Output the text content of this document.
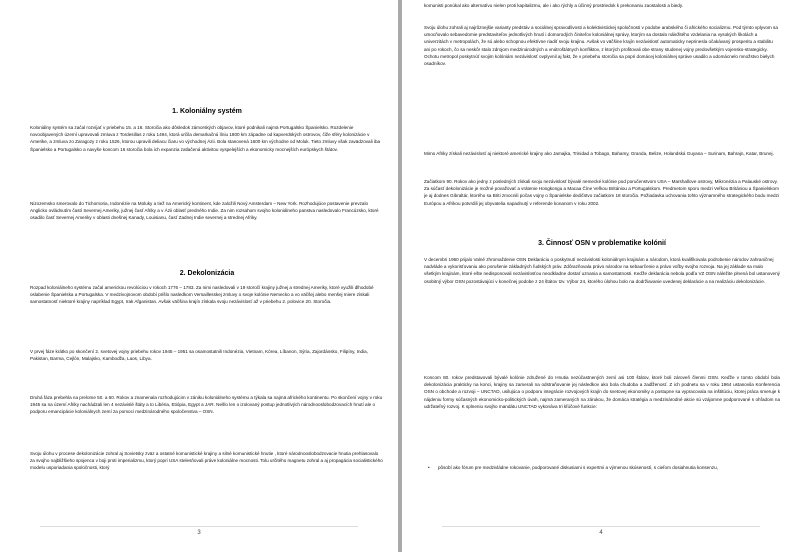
1. Koloniálny systém

Koloniálny systém sa začal rozvíjať v priebehu 15. a 16. Storočia ako dôsledok zámorských objavov, ktoré podnikali najmä Portugalsko Španielsko. Rozdelenie novoobjavených území upravovali zmluva z Tordesillas z roku 1494, ktorá určila demarkačnú líniu 1800 km západne od kapverdských ostrovov, čiže sféry kolonizácie v Amerike, a zmluva zo Zaragozy z roku 1526, ktorou upravili deliacu čiaru vo východnej Ázii. Bola stanovená 1600 km východne od Moluk. Tieto zmluvy však zavädzovali iba Španielsko a Portugalsko a navyše koncom 16 storočia bola ich expanzia zatlačená aktivitou vyspelejších a ekonomicky mocnejších európskych štátov.

Nizozemsko smerovalo do Tichomoria, Indonézie na Moluky a tiež na Americký kontinent, kde založili Nový Amsterdam – New York. Rozhodujúce postavenie prevzalo Anglicko ovládnutím častí Severnej Ameriky, južnej časť Afriky a v Ázii oblasť predného Indie. Za nim rozsahom svojho koloniálneho panstva nasledovalo Francúzsko, ktoré osadilo časť Severnej Ameriky v oblasti dnešnej Kanady, Louisianu, časť Zadnej Indie severnej a strednej Afriky.

2. Dekolonizácia

Rozpad koloniálneho systému začal americkou revolúciou v rokoch 1776 – 1783. Za nimi nasledovali v 19 storočí krajiny južnej a strednej Ameriky, ktoré využili dlhodobé oslabenie Španielska a Portugalska. V medzivojnovom období prišlo nasledkom Versaillesskej zmluvy o svoje kolónie Nemecko a vo väčšej alebo menšej miere získali samostatnosť niektoré krajiny napríklad Egypt, Irak Afganistan. Avšak väčšina krajín získala svoju nezávislosť až v priebehu 2. polovice 20. Storočia.

V prvej fáze krátko po skončení 2. svetovej vojny priebehu rokov 1945 – 1951 sa osamostatnili Indonézia, Vietnam, Kórea, Líbanon, Sýria, Zajordánsko, Filipíny, India, Pakistan, Barma, Cejlón, Malajsko, Kambodža, Laos, Libya.

Druhá fáza prebehla na prelome 50. a 60. Rokov a znamenala rozhodujúcim v zániku koloniálneho systému a týkala sa najmä afrického kontinentu. Po skončení vojny v roku 1945 sa na území Afriky nachádzali len 4 nezávislé štáty a to Libéria, Etiópia, Egypt a JAR. Nešlo len o izolovaný postup jednotlivých národnooslobodzovacích hnutí ale o podporu emancipácie koloniálnych zemí za pomoci medzinárodného spoločenstva – OSN.

Svoju úlohu v procese dekolonizácie zohral aj Sovietsky zväz a ostatné komunistické krajiny a silné komunistické hnutie , ktoré národnooslobodzovacie hnutia prehlasovalo za svojho najbližšieho spojenca v boji proti imperializmu, ktorý popri USA stelesňovali práve koloniálne mocnosti. Tolu určitého magnetu zohral a aj propagácia socialistického modelu usporiadania spoločnosti, ktorý

3

komunisti ponúkal ako alternatívu nielen proti kapitalizmu, ale i ako rýchly a účinný prostriedok k prekonaniu zaostalosti a biedy.

Svoju úlohu zohrali aj najrôznejšie varianty predstáv a sociálnej spravodlivosti a kolektivistickej spoločnosti v podobe arabského či afrického socializmu. Pod týmto vplyvom sa umocňovalo sebavedomie predstaviteľov jednotlivých hnutí i domorodých činiteľov koloniálnej správy, ktorým sa dostalo náležitého vzdelania na vysokých školách a univerzitách v metropolách, že sú alebo schopnou efektívne riadiť svoju krajinu. Avšak vo väčšine krajín nezávislosť automaticky neprinesla očakávaný prosperitu a stabilitu ani po rokoch, čo sa neskôr stalo zdrojom medzinárodných a vnútroštátnych konfliktov, z ktorých profitovali obe strany studenej vojny predovšetkým vojensko-strategicky. Ochotu metropol poskytnúť svojim kolóniám nezávislosť ovplyvnil aj fakt, že v priebehu storočia sa popri domácej koloniálnej správe usadilo a udomácnelo množstvo bielych osadníkov.

Mimo Afriky získali nezávislosť aj niektoré americké krajiny ako Jamajka, Trinidad a Tobago, Bahamy, Granda, Belize, Holandská Guyana – Surinam, Bahrajn, Katar, Brunej.

Začiatkom 90. Rokov ako jedny z posledných získali svoju nezávislosť bývalé nemecké kolónie pod poručenstvom USA – Marshallove ostrovy, Mikronézia a Palauské ostrovy. Za súčasť dekolonizácie je možné považovať a vrátenie Hongkongu a Macaa Číne Veľkou Britániou a Portugalskom. Predmetom sporu medzi Veľkou Britániou a Španielskom je aj dodnes Gibraltár, ktorého sa Briti zmocnili počas vojny o Španielske dedičstvo začiatkom 18 storočia. Požiadavka uchovania tohto významného strategického bodu medzi Európou a Afrikou potvrdili jej obyvatelia napadnutý v referende konanom v roku 2002.

3. Činnosť OSN v problematike kolónií

V decembri 1960 prijalo Valné zhromaždenie OSN Deklaráciu o poskytnutí nezávislosti koloniálnym krajinám a národom, ktorá kvalifikovala podrobenie národov zahraničnej nadvláde a vykorisťovaniu ako porušenie základných ľudských práv. Zdôrazňovala právo národov na sebaurčenie a právo voľby svojho rozvoja. Na jej základe sa malo všetkým krajinám, ktoré ešte nedisponovali nezávislosťou neodkladne dostať uznania a samostatnosti. Keďže deklarácia nebola podľa VZ OSN náležite plnená bol ustanovený osobitný výbor OSN pozostávajúci v konečnej podobe z 24 štátov tzv. Výbor 24, ktorého úlohou bolo na dodržiavanie uvedenej deklarácie a na realizáciu dekolonizácie.

Koncom 80. rokov predstavovali bývalé kolónie združené do Hnutia nezúčastnených zemí asi 100 štátov, ktoré boli zároveň členmi OSN. Keďže v tomto období bola dekolonizácia prakticky na konci, krajiny sa zamerali na odstraňovanie jej následkov ako bola chudoba a zadĺženosť. Z ich podnetu sa v roku 1964 ustanovila Konferencia OSN o obchode a rozvoji – UNCTAD, usilujúca o podporu integrácie rozvojových krajín do svetovej ekonomiky a postupne sa vypracovala na inštitúciu, ktorej práca smeruje k nájdeniu formy súčasných ekonomicko-politických úvah, najmä zameraných na zárukou, že domáca stratégia a medzinárodné akcie sú vzájomne podporované s ohľadom na udržateľný rozvoj. K splneniu svojho mandátu UNCTAD vykonáva tri kľúčové funkcie:

• pôsobí ako fórum pre medzivládne rokovanie, podporované diskusiami s expertmi a výmenou skúseností, s cieľom dosiahnutia konsenzu,

4
